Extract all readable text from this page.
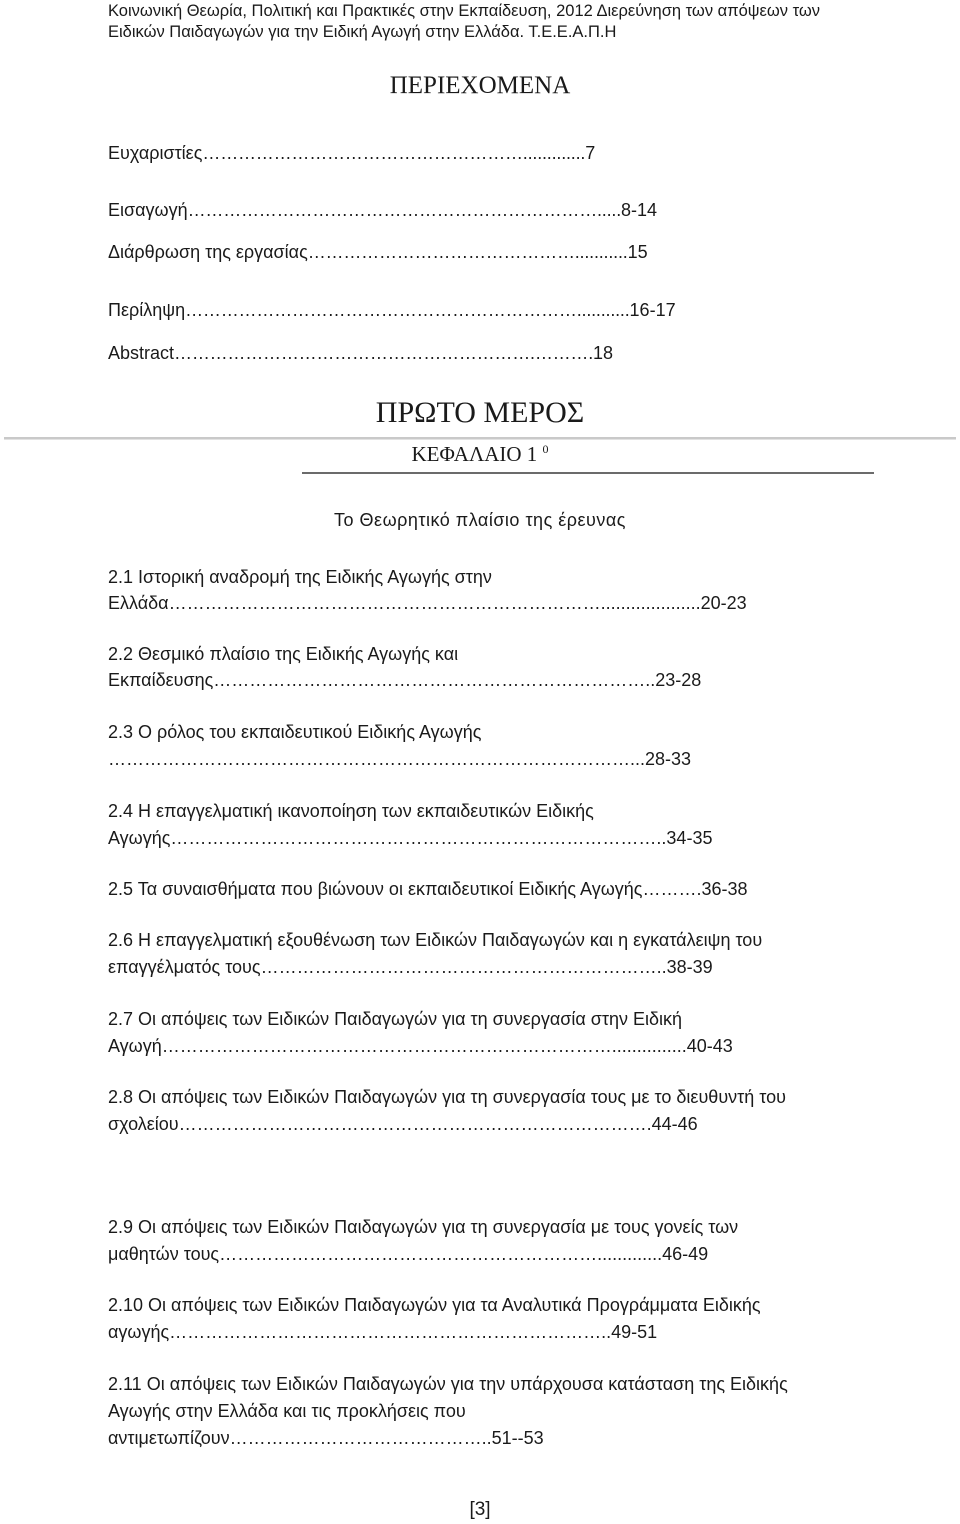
Κοινωνική Θεωρία, Πολιτική και Πρακτικές στην Εκπαίδευση, 2012 Διερεύνηση των απόψεων των
Ειδικών Παιδαγωγών για την Ειδική Αγωγή στην Ελλάδα. Τ.Ε.Ε.Α.Π.Η
ΠΕΡΙΕΧΟΜΕΝΑ
Ευχαριστίες……………………………………………….............7
Εισαγωγή…………………………………………………………….....8-14
Διάρθρωση της εργασίας………………………………………...........15
Περίληψη…………………………………………………………...........16-17
Abstract…………………………………………………….……….18
ΠΡΩΤΟ ΜΕΡΟΣ
ΚΕΦΑΛΑΙΟ 1 $^0$
Το Θεωρητικό πλαίσιο της έρευνας
2.1 Ιστορική αναδρομή της Ειδικής Αγωγής στην
Ελλάδα………………………………………………………………....................20-23
2.2 Θεσμικό πλαίσιο της Ειδικής Αγωγής και
Εκπαίδευσης………………………………………………………………..23-28
2.3 Ο ρόλος του εκπαιδευτικού Ειδικής Αγωγής
……………………………………………………………………………...28-33
2.4 Η επαγγελματική ικανοποίηση των εκπαιδευτικών Ειδικής
Αγωγής………………………………………………………………………..34-35
2.5 Τα συναισθήματα που βιώνουν οι εκπαιδευτικοί Ειδικής Αγωγής……….36-38
2.6 Η επαγγελματική εξουθένωση των Ειδικών Παιδαγωγών και η εγκατάλειψη του
επαγγέλματός τους…………………………………………………………..38-39
2.7 Οι απόψεις των Ειδικών Παιδαγωγών για τη συνεργασία στην Ειδική
Αγωγή…………………………………………………………………...............40-43
2.8 Οι απόψεις των Ειδικών Παιδαγωγών για τη συνεργασία τους με το διευθυντή του
σχολείου…………………………………………………………………….44-46
2.9 Οι απόψεις των Ειδικών Παιδαγωγών για τη συνεργασία με τους γονείς των
μαθητών τους……………………………………………………….............46-49
2.10 Οι απόψεις των Ειδικών Παιδαγωγών για τα Αναλυτικά Προγράμματα Ειδικής
αγωγής………………………………………………………………..49-51
2.11 Οι απόψεις των Ειδικών Παιδαγωγών για την υπάρχουσα κατάσταση της Ειδικής
Αγωγής στην Ελλάδα και τις προκλήσεις που
αντιμετωπίζουν……………………………………..51--53
[3]
